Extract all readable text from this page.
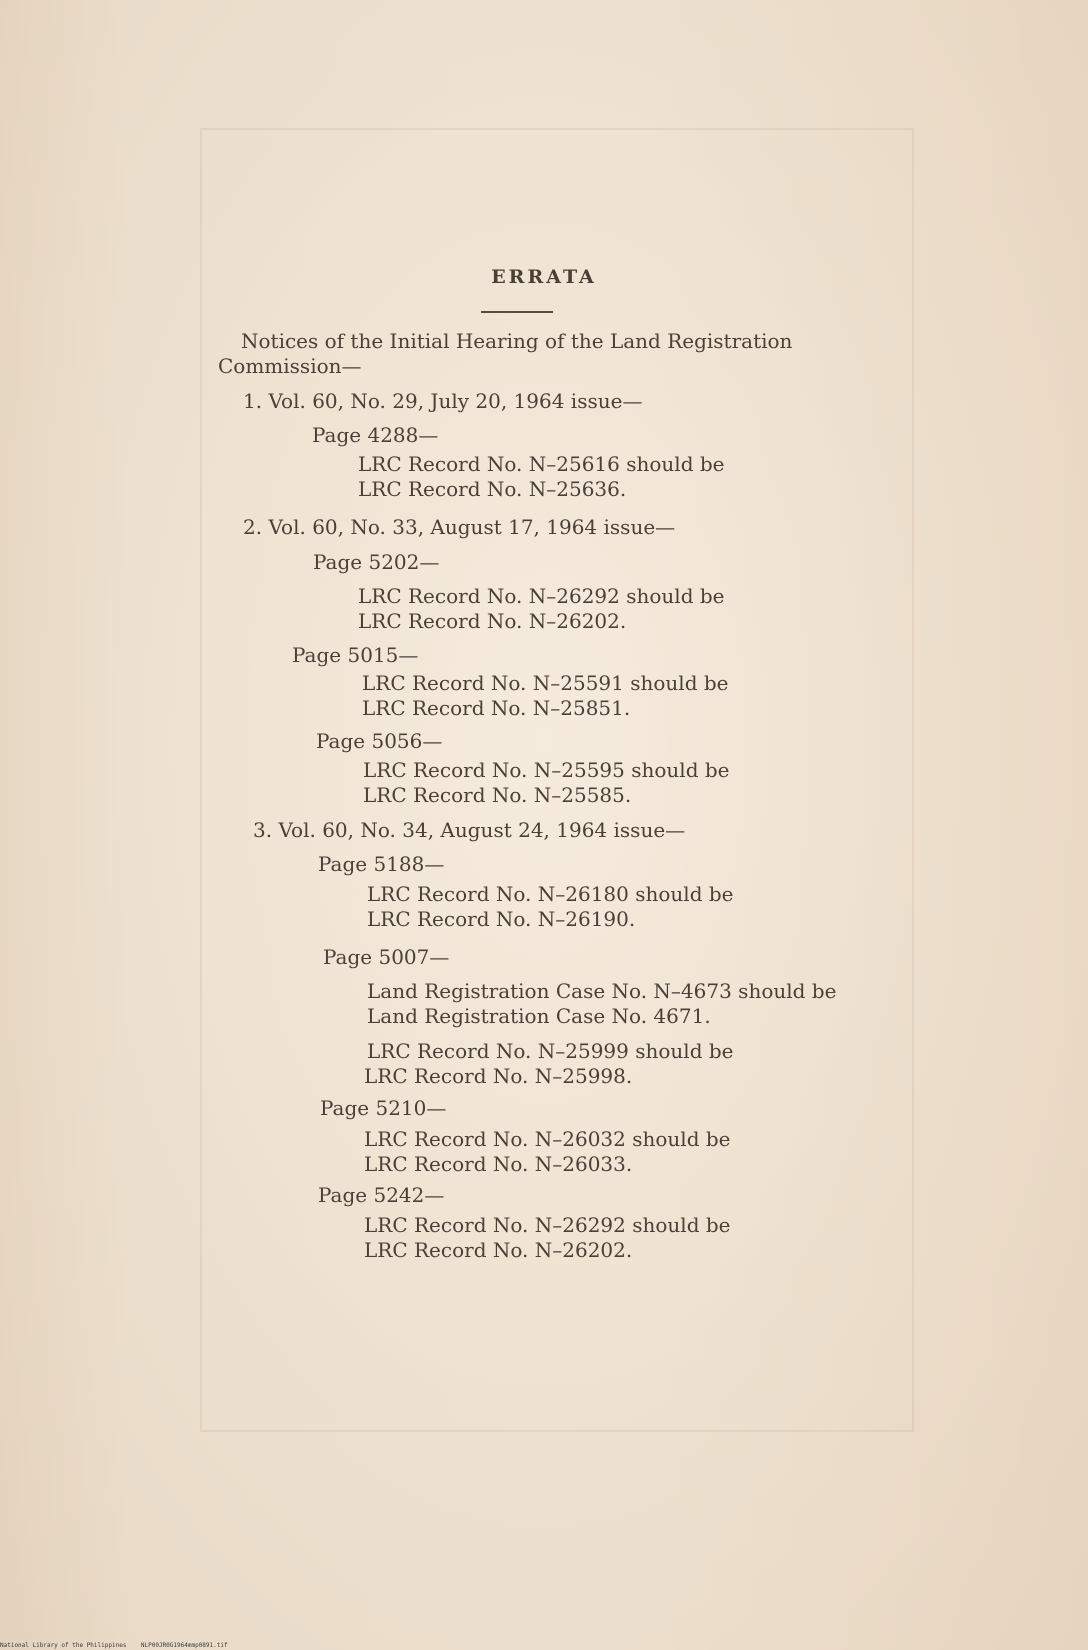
ERRATA

Notices of the Initial Hearing of the Land Registration

Commission—

1. Vol. 60, No. 29, July 20, 1964 issue—

Page 4288—

LRC Record No. N–25616 should be

LRC Record No. N–25636.

2. Vol. 60, No. 33, August 17, 1964 issue—

Page 5202—

LRC Record No. N–26292 should be

LRC Record No. N–26202.

Page 5015—

LRC Record No. N–25591 should be

LRC Record No. N–25851.

Page 5056—

LRC Record No. N–25595 should be

LRC Record No. N–25585.

3. Vol. 60, No. 34, August 24, 1964 issue—

Page 5188—

LRC Record No. N–26180 should be

LRC Record No. N–26190.

Page 5007—

Land Registration Case No. N–4673 should be

Land Registration Case No. 4671.

LRC Record No. N–25999 should be

LRC Record No. N–25998.

Page 5210—

LRC Record No. N–26032 should be

LRC Record No. N–26033.

Page 5242—

LRC Record No. N–26292 should be

LRC Record No. N–26202.

National Library of the Philippines NLP00JR0G1964mmp0891.tif
